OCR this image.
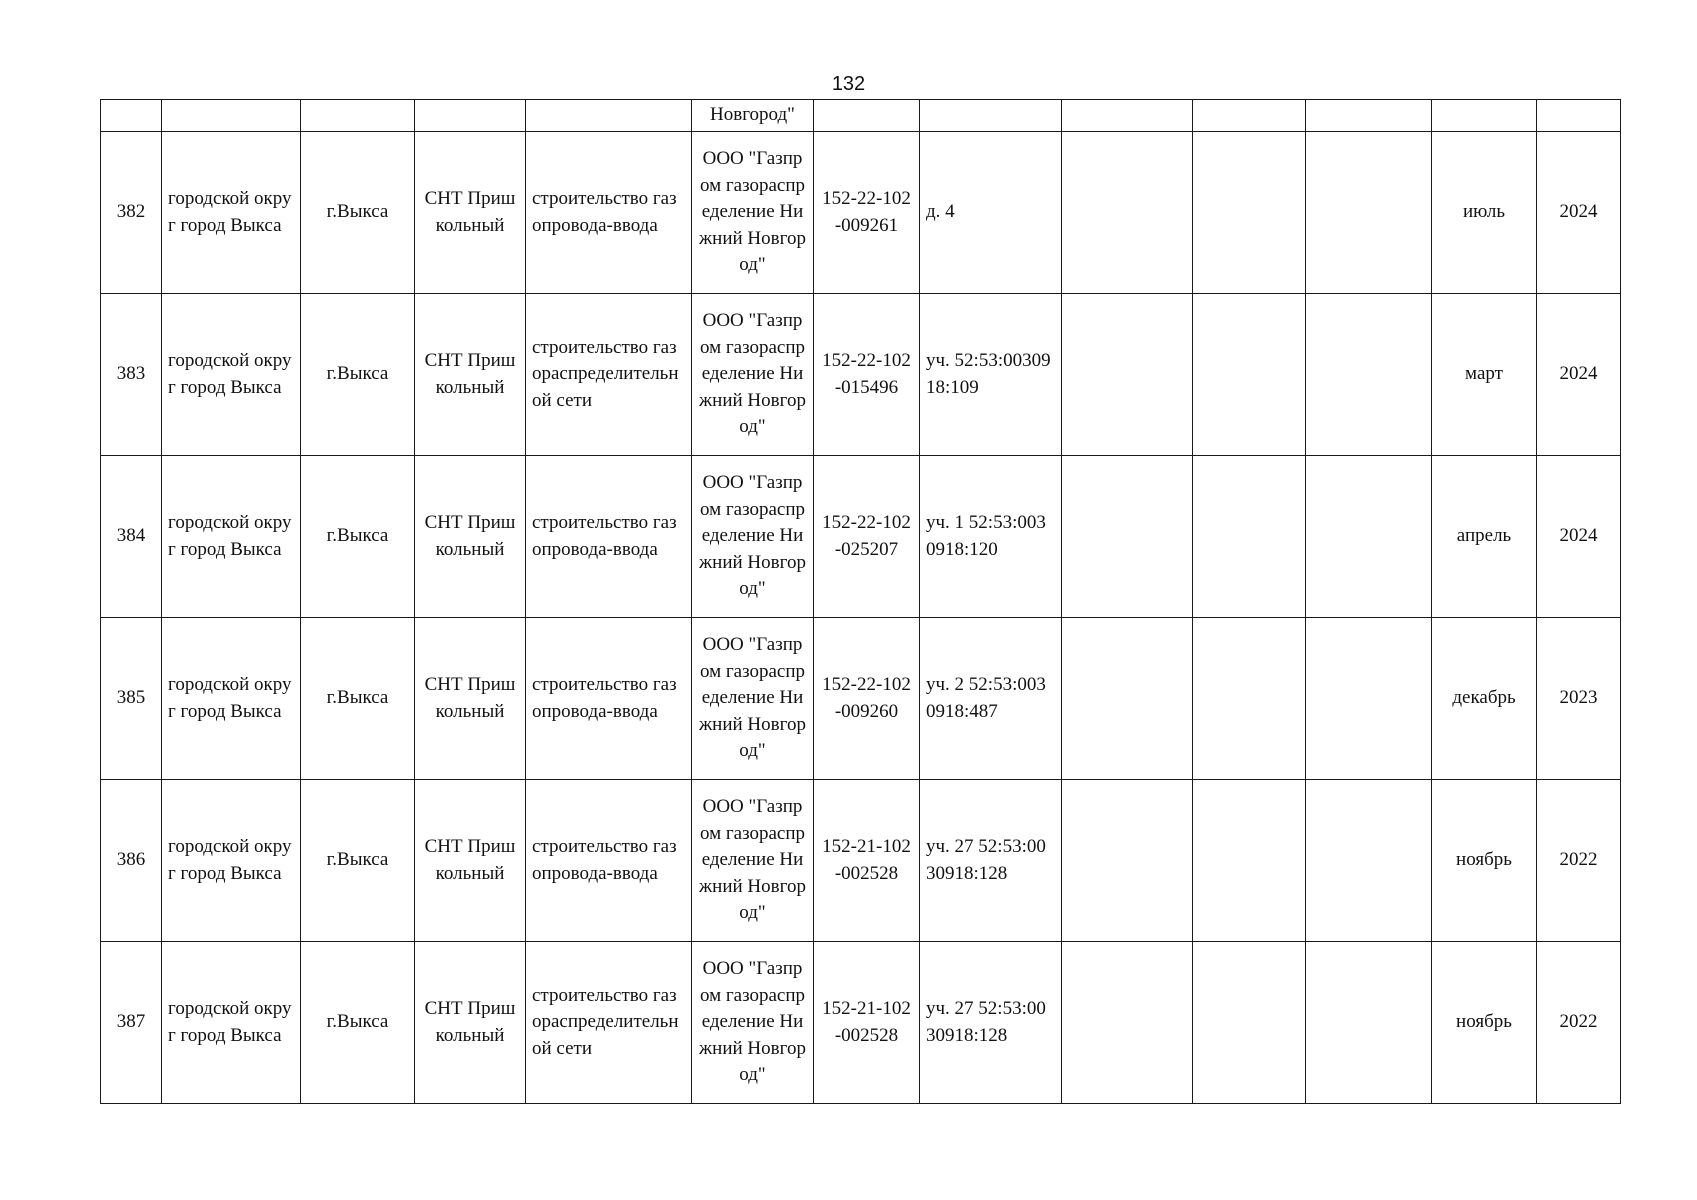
132
					Новгород"							
382	городской округ город Выкса	г.Выкса	СНТ Пришкольный	строительство газопровода-ввода	ООО "Газпром газораспределение Нижний Новгород"	152-22-102-009261	д. 4				июль	2024
383	городской округ город Выкса	г.Выкса	СНТ Пришкольный	строительство газораспределительной сети	ООО "Газпром газораспределение Нижний Новгород"	152-22-102-015496	уч. 52:53:0030918:109				март	2024
384	городской округ город Выкса	г.Выкса	СНТ Пришкольный	строительство газопровода-ввода	ООО "Газпром газораспределение Нижний Новгород"	152-22-102-025207	уч. 1 52:53:0030918:120				апрель	2024
385	городской округ город Выкса	г.Выкса	СНТ Пришкольный	строительство газопровода-ввода	ООО "Газпром газораспределение Нижний Новгород"	152-22-102-009260	уч. 2 52:53:0030918:487				декабрь	2023
386	городской округ город Выкса	г.Выкса	СНТ Пришкольный	строительство газопровода-ввода	ООО "Газпром газораспределение Нижний Новгород"	152-21-102-002528	уч. 27 52:53:0030918:128				ноябрь	2022
387	городской округ город Выкса	г.Выкса	СНТ Пришкольный	строительство газораспределительной сети	ООО "Газпром газораспределение Нижний Новгород"	152-21-102-002528	уч. 27 52:53:0030918:128				ноябрь	2022
